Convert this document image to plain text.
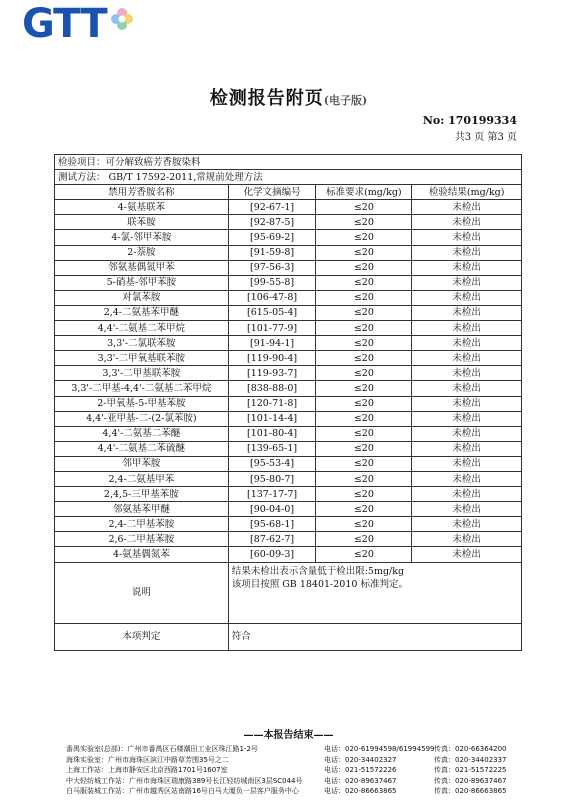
GTT
检测报告附页(电子版)
No: 170199334
共3 页 第3 页
检验项目：可分解致癌芳香胺染料			
测试方法： GB/T 17592-2011,常规前处理方法			
禁用芳香胺名称	化学文摘编号	标准要求(mg/kg)	检验结果(mg/kg)
4-氨基联苯	[92-67-1]	≤20	未检出
联苯胺	[92-87-5]	≤20	未检出
4-氯-邻甲苯胺	[95-69-2]	≤20	未检出
2-萘胺	[91-59-8]	≤20	未检出
邻氨基偶氮甲苯	[97-56-3]	≤20	未检出
5-硝基-邻甲苯胺	[99-55-8]	≤20	未检出
对氯苯胺	[106-47-8]	≤20	未检出
2,4-二氨基苯甲醚	[615-05-4]	≤20	未检出
4,4'-二氨基二苯甲烷	[101-77-9]	≤20	未检出
3,3'-二氯联苯胺	[91-94-1]	≤20	未检出
3,3'-二甲氧基联苯胺	[119-90-4]	≤20	未检出
3,3'-二甲基联苯胺	[119-93-7]	≤20	未检出
3,3'-二甲基-4,4'-二氨基二苯甲烷	[838-88-0]	≤20	未检出
2-甲氧基-5-甲基苯胺	[120-71-8]	≤20	未检出
4,4'-亚甲基-二-(2-氯苯胺)	[101-14-4]	≤20	未检出
4,4'-二氨基二苯醚	[101-80-4]	≤20	未检出
4,4'-二氨基二苯硫醚	[139-65-1]	≤20	未检出
邻甲苯胺	[95-53-4]	≤20	未检出
2,4-二氨基甲苯	[95-80-7]	≤20	未检出
2,4,5-三甲基苯胺	[137-17-7]	≤20	未检出
邻氨基苯甲醚	[90-04-0]	≤20	未检出
2,4-二甲基苯胺	[95-68-1]	≤20	未检出
2,6-二甲基苯胺	[87-62-7]	≤20	未检出
4-氨基偶氮苯	[60-09-3]	≤20	未检出
说明	结果未检出表示含量低于检出限:5mg/kg
该项目按照 GB 18401-2010 标准判定。		

本项判定	符合		
——本报告结束——
番禺实验室(总部)：广州市番禺区石楼潮田工业区珠江路1-2号	电话：020-61994598/61994599 传真：020-66364200
海珠实验室：广州市海珠区滨江中路草芳围35号之二	电话：020-34402327	传真：020-34402337
上海工作站：上海市静安区北京西路1701号1607室	电话：021-51572226	传真：021-51572225
中大轻纺城工作站：广州市海珠区瑞康路389号长江轻纺城南区3层SC044号	电话：020-89637467	传真：020-89637467
白马服装城工作站：广州市越秀区站南路16号白马大厦负一层客户服务中心	电话：020-86663865	传真：020-86663865
